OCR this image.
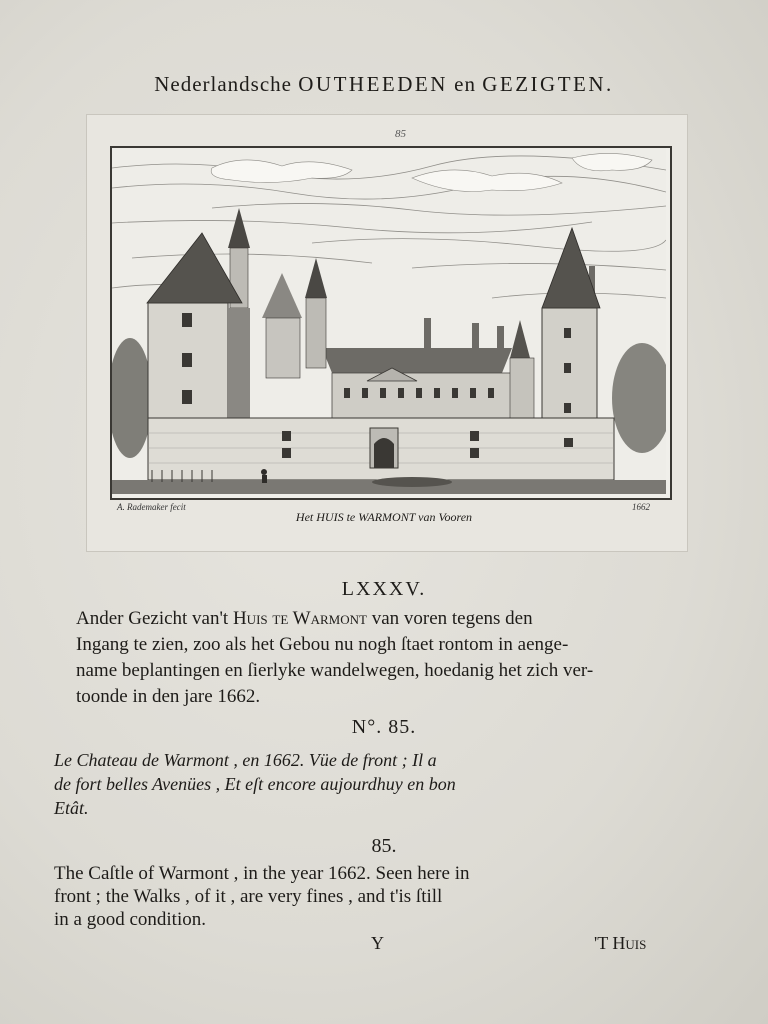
Nederlandsche OUTHEEDEN en GEZIGTEN.
85
A. Rademaker fecit	1662
Het HUIS te WARMONT van Vooren
LXXXV.
Ander Gezicht van't Huis te Warmont van voren tegens den
Ingang te zien, zoo als het Gebou nu nogh ſtaet rontom in aenge-
name beplantingen en ſierlyke wandelwegen, hoedanig het zich ver-
toonde in den jare 1662.
N°. 85.
Le Chateau de Warmont , en 1662. Vüe de front ; Il a
de fort belles Avenües , Et eſt encore aujourdhuy en bon
Etât.
85.
The Caſtle of Warmont , in the year 1662. Seen here in
front ; the Walks , of it , are very fines , and t'is ſtill
in a good condition.
Y	'T Huis
